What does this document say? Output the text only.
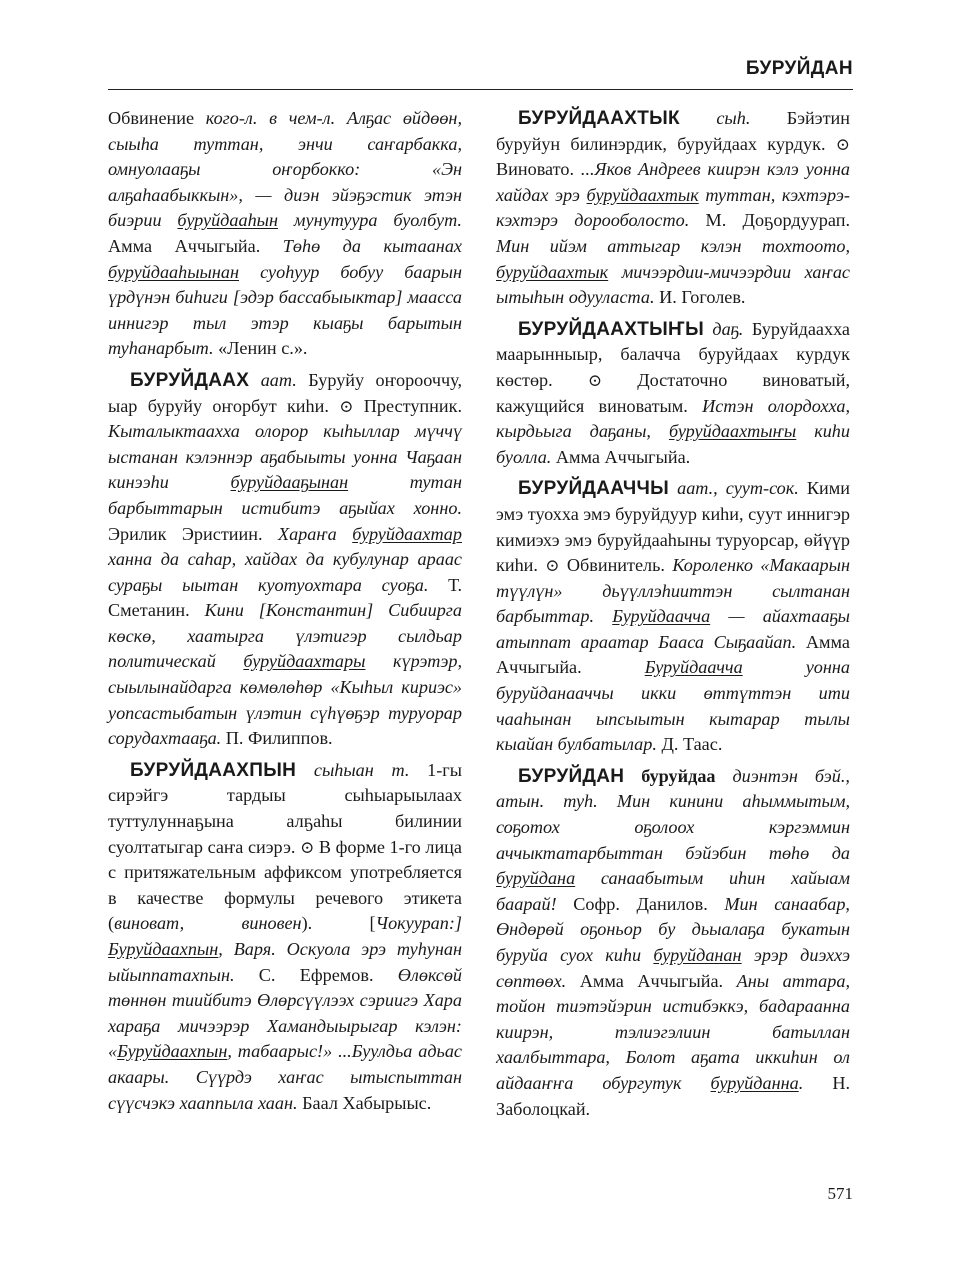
БУРУЙДАН

Обвинение кого-л. в чем-л. Алҕас өйдөөн, сыыһа туттан, энчи саҥарбакка, омнуолааҕы оҥорбокко: «Эн алҕаһаабыккын», — диэн эйэҕэстик этэн биэрии буруйдааһын мунутуура буолбут. Амма Аччыгыйа. Төһө да кытаанах буруйдааһыынан суоһуур бобуу баарын үрдүнэн биһиги [эдэр бассабыыктар] маасса иннигэр тыл этэр кыаҕы барытын туһанарбыт. «Ленин с.».

БУРУЙДААХ аат. Буруйу оҥорооччу, ыар буруйу оҥорбут киһи. ⊙ Преступник. Кыталыктаахха олорор кыһыллар мүччү ыстанан кэлэннэр аҕабыыты уонна Чаҕаан кинээһи буруйдааҕынан тутан барбыттарын истибитэ аҕыйах хонно. Эрилик Эристиин. Хараҥа буруйдаахтар ханна да саһар, хайдах да кубулунар араас сураҕы ыытан куотуохтара суоҕа. Т. Сметанин. Кини [Константин] Сибиирга көскө, хаатырга үлэтигэр сылдьар политическай буруйдаахтары күрэтэр, сыылынайдарга көмөлөһөр «Кыһыл кириэс» уопсастыбатын үлэтин сүһүөҕэр туруорар сорудахтааҕа. П. Филиппов.

БУРУЙДААХПЫН сыһыан т. 1-гы сирэйгэ тардыы сыһыарыылаах туттулуннаҕына алҕаһы билинии суолтатыгар саҥа сиэрэ. ⊙ В форме 1-го лица с притяжательным аффиксом употребляется в качестве формулы речевого этикета (виноват, виновен). [Чокуурап:] Буруйдаахпын, Варя. Оскуола эрэ туһунан ыйыппатахпын. С. Ефремов. Өлөксөй төннөн тиийбитэ Өлөрсүүлээх сэриигэ Хара хараҕа мичээрэр Хамандыырыгар кэлэн: «Буруйдаахпын, табаарыс!» ...Буулдьа адьас акаары. Сүүрдэ хаҥас ытыспыттан сүүсчэкэ хааппыла хаан. Баал Хабырыыс.

БУРУЙДААХТЫК сыһ. Бэйэтин буруйун билинэрдик, буруйдаах курдук. ⊙ Виновато. ...Яков Андреев киирэн кэлэ уонна хайдах эрэ буруйдаахтык туттан, кэхтэрэ-кэхтэрэ дорооболосто. М. Доҕордуурап. Мин ийэм аттыгар кэлэн тохтоото, буруйдаахтык мичээрдии-мичээрдии хаҥас ытыһын одууласта. И. Гоголев.

БУРУЙДААХТЫҤЫ даҕ. Буруйдаахха маарынныыр, балачча буруйдаах курдук көстөр. ⊙ Достаточно виноватый, кажущийся виноватым. Истэн олордохха, кырдьыга даҕаны, буруйдаахтыҥы киһи буолла. Амма Аччыгыйа.

БУРУЙДААЧЧЫ аат., суут-сок. Кими эмэ туохха эмэ буруйдуур киһи, суут иннигэр кимиэхэ эмэ буруйдааһыны туруорсар, өйүүр киһи. ⊙ Обвинитель. Короленко «Макаарын түүлүн» дьүүллэһииттэн сылтанан барбыттар. Буруйдаачча — айахтааҕы атыппат араатар Бааса Сыҕаайап. Амма Аччыгыйа. Буруйдаачча уонна буруйданааччы икки өттүттэн ити чааһынан ыпсыытын кытарар тылы кыайан булбатылар. Д. Таас.

БУРУЙДАН буруйдаа диэнтэн бэй., атын. туһ. Мин кинини аһыммытым, соҕотох оҕолоох кэргэммин аччыктатарбыттан бэйэбин төһө да буруйдана санаабытым иһин хайыам баарай! Софр. Данилов. Мин санаабар, Өндөрөй оҕоньор бу дьыалаҕа букатын буруйа суох киһи буруйданан эрэр диэххэ сөптөөх. Амма Аччыгыйа. Аны аттара, тойон тиэтэйэрин истибэккэ, бадараанна киирэн, тэлиэгэлиин батыллан хаалбыттара, Болот аҕата иккиһин ол айдааҥҥа обургутук буруйданна. Н. Заболоцкай.

571
